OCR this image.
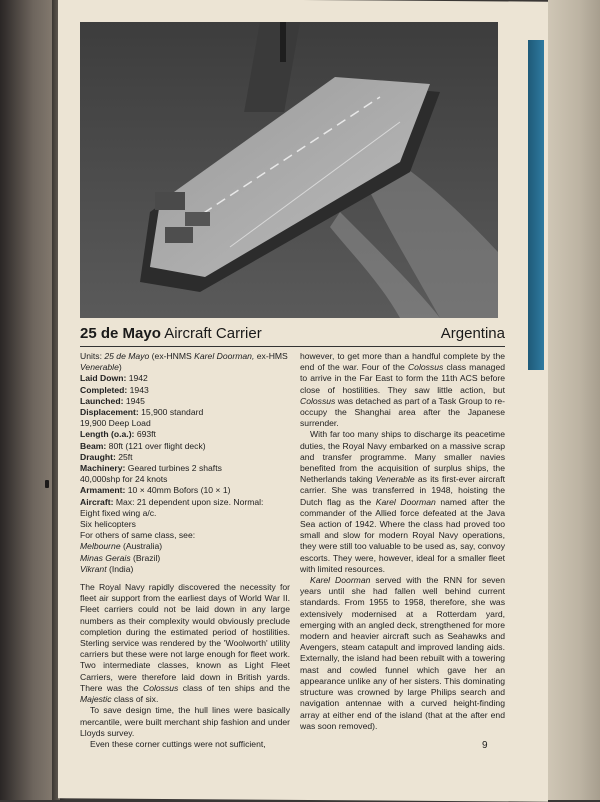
25 de Mayo Aircraft Carrier	Argentina

Units: 25 de Mayo (ex-HNMS Karel Doorman, ex-HMS Venerable)

Laid Down: 1942

Completed: 1943

Launched: 1945

Displacement: 15,900 standard

19,900 Deep Load

Length (o.a.): 693ft

Beam: 80ft (121 over flight deck)

Draught: 25ft

Machinery: Geared turbines 2 shafts

40,000shp for 24 knots

Armament: 10 × 40mm Bofors (10 × 1)

Aircraft: Max: 21 dependent upon size. Normal:

Eight fixed wing a/c.

Six helicopters

For others of same class, see:

Melbourne (Australia)

Minas Gerais (Brazil)

Vikrant (India)

The Royal Navy rapidly discovered the necessity for fleet air support from the earliest days of World War II. Fleet carriers could not be laid down in any large numbers as their complexity would obviously preclude completion during the estimated period of hostilities. Sterling service was rendered by the 'Woolworth' utility carriers but these were not large enough for fleet work. Two intermediate classes, known as Light Fleet Carriers, were therefore laid down in British yards. There was the Colossus class of ten ships and the Majestic class of six.

To save design time, the hull lines were basically mercantile, were built merchant ship fashion and under Lloyds survey.

Even these corner cuttings were not sufficient,

however, to get more than a handful complete by the end of the war. Four of the Colossus class managed to arrive in the Far East to form the 11th ACS before close of hostilities. They saw little action, but Colossus was detached as part of a Task Group to re-occupy the Shanghai area after the Japanese surrender.

With far too many ships to discharge its peacetime duties, the Royal Navy embarked on a massive scrap and transfer programme. Many smaller navies benefited from the acquisition of surplus ships, the Netherlands taking Venerable as its first-ever aircraft carrier. She was transferred in 1948, hoisting the Dutch flag as the Karel Doorman named after the commander of the Allied force defeated at the Java Sea action of 1942. Where the class had proved too small and slow for modern Royal Navy operations, they were still too valuable to be used as, say, convoy escorts. They were, however, ideal for a smaller fleet with limited resources.

Karel Doorman served with the RNN for seven years until she had fallen well behind current standards. From 1955 to 1958, therefore, she was extensively modernised at a Rotterdam yard, emerging with an angled deck, strengthened for more modern and heavier aircraft such as Seahawks and Avengers, steam catapult and improved landing aids. Externally, the island had been rebuilt with a towering mast and cowled funnel which gave her an appearance unlike any of her sisters. This dominating structure was crowned by large Philips search and navigation antennae with a curved height-finding array at either end of the island (that at the after end was soon removed).

9
